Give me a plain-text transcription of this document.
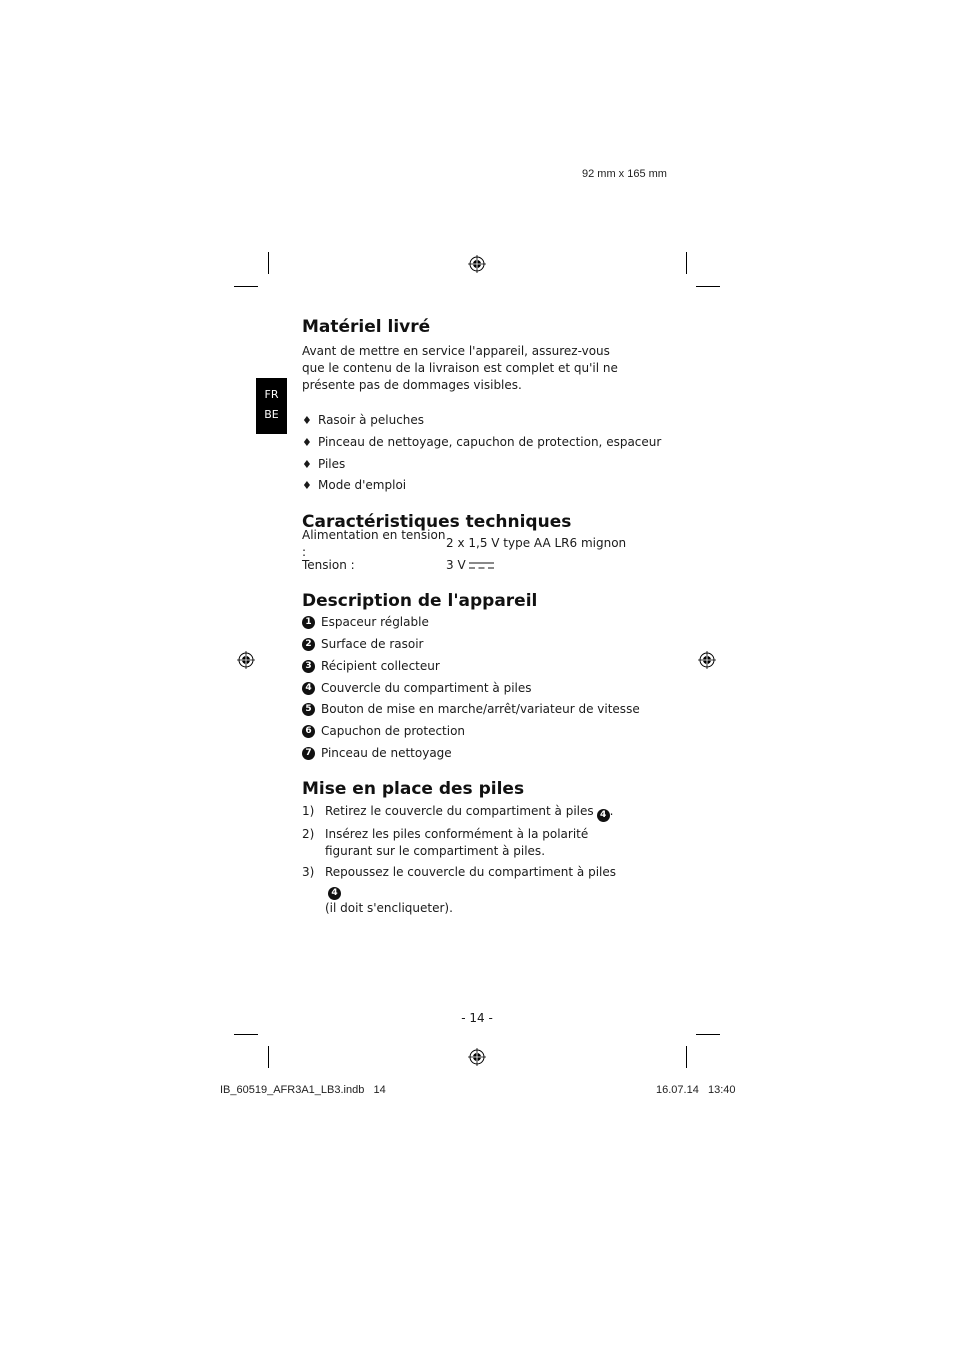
92 mm x 165 mm
IB_60519_AFR3A1_LB3.indb   14	16.07.14   13:40
FR
BE
Matériel livré

Avant de mettre en service l'appareil, assurez-vous que le contenu de la livraison est complet et qu'il ne présente pas de dommages visibles.

♦ Rasoir à peluches
♦ Pinceau de nettoyage, capuchon de protection, espaceur
♦ Piles
♦ Mode d'emploi
Caractéristiques techniques
Alimentation en tension :
2 x 1,5 V type AA LR6 mignon
Tension :	3 V
Description de l'appareil
1 Espaceur réglable
2 Surface de rasoir
3 Récipient collecteur
4 Couvercle du compartiment à piles
5 Bouton de mise en marche/arrêt/variateur de vitesse
6 Capuchon de protection
7 Pinceau de nettoyage
Mise en place des piles
1) Retirez le couvercle du compartiment à piles 4 .
2) Insérez les piles conformément à la polarité figurant sur le compartiment à piles.
3) Repoussez le couvercle du compartiment à piles4
(il doit s'encliqueter).
- 14 -
